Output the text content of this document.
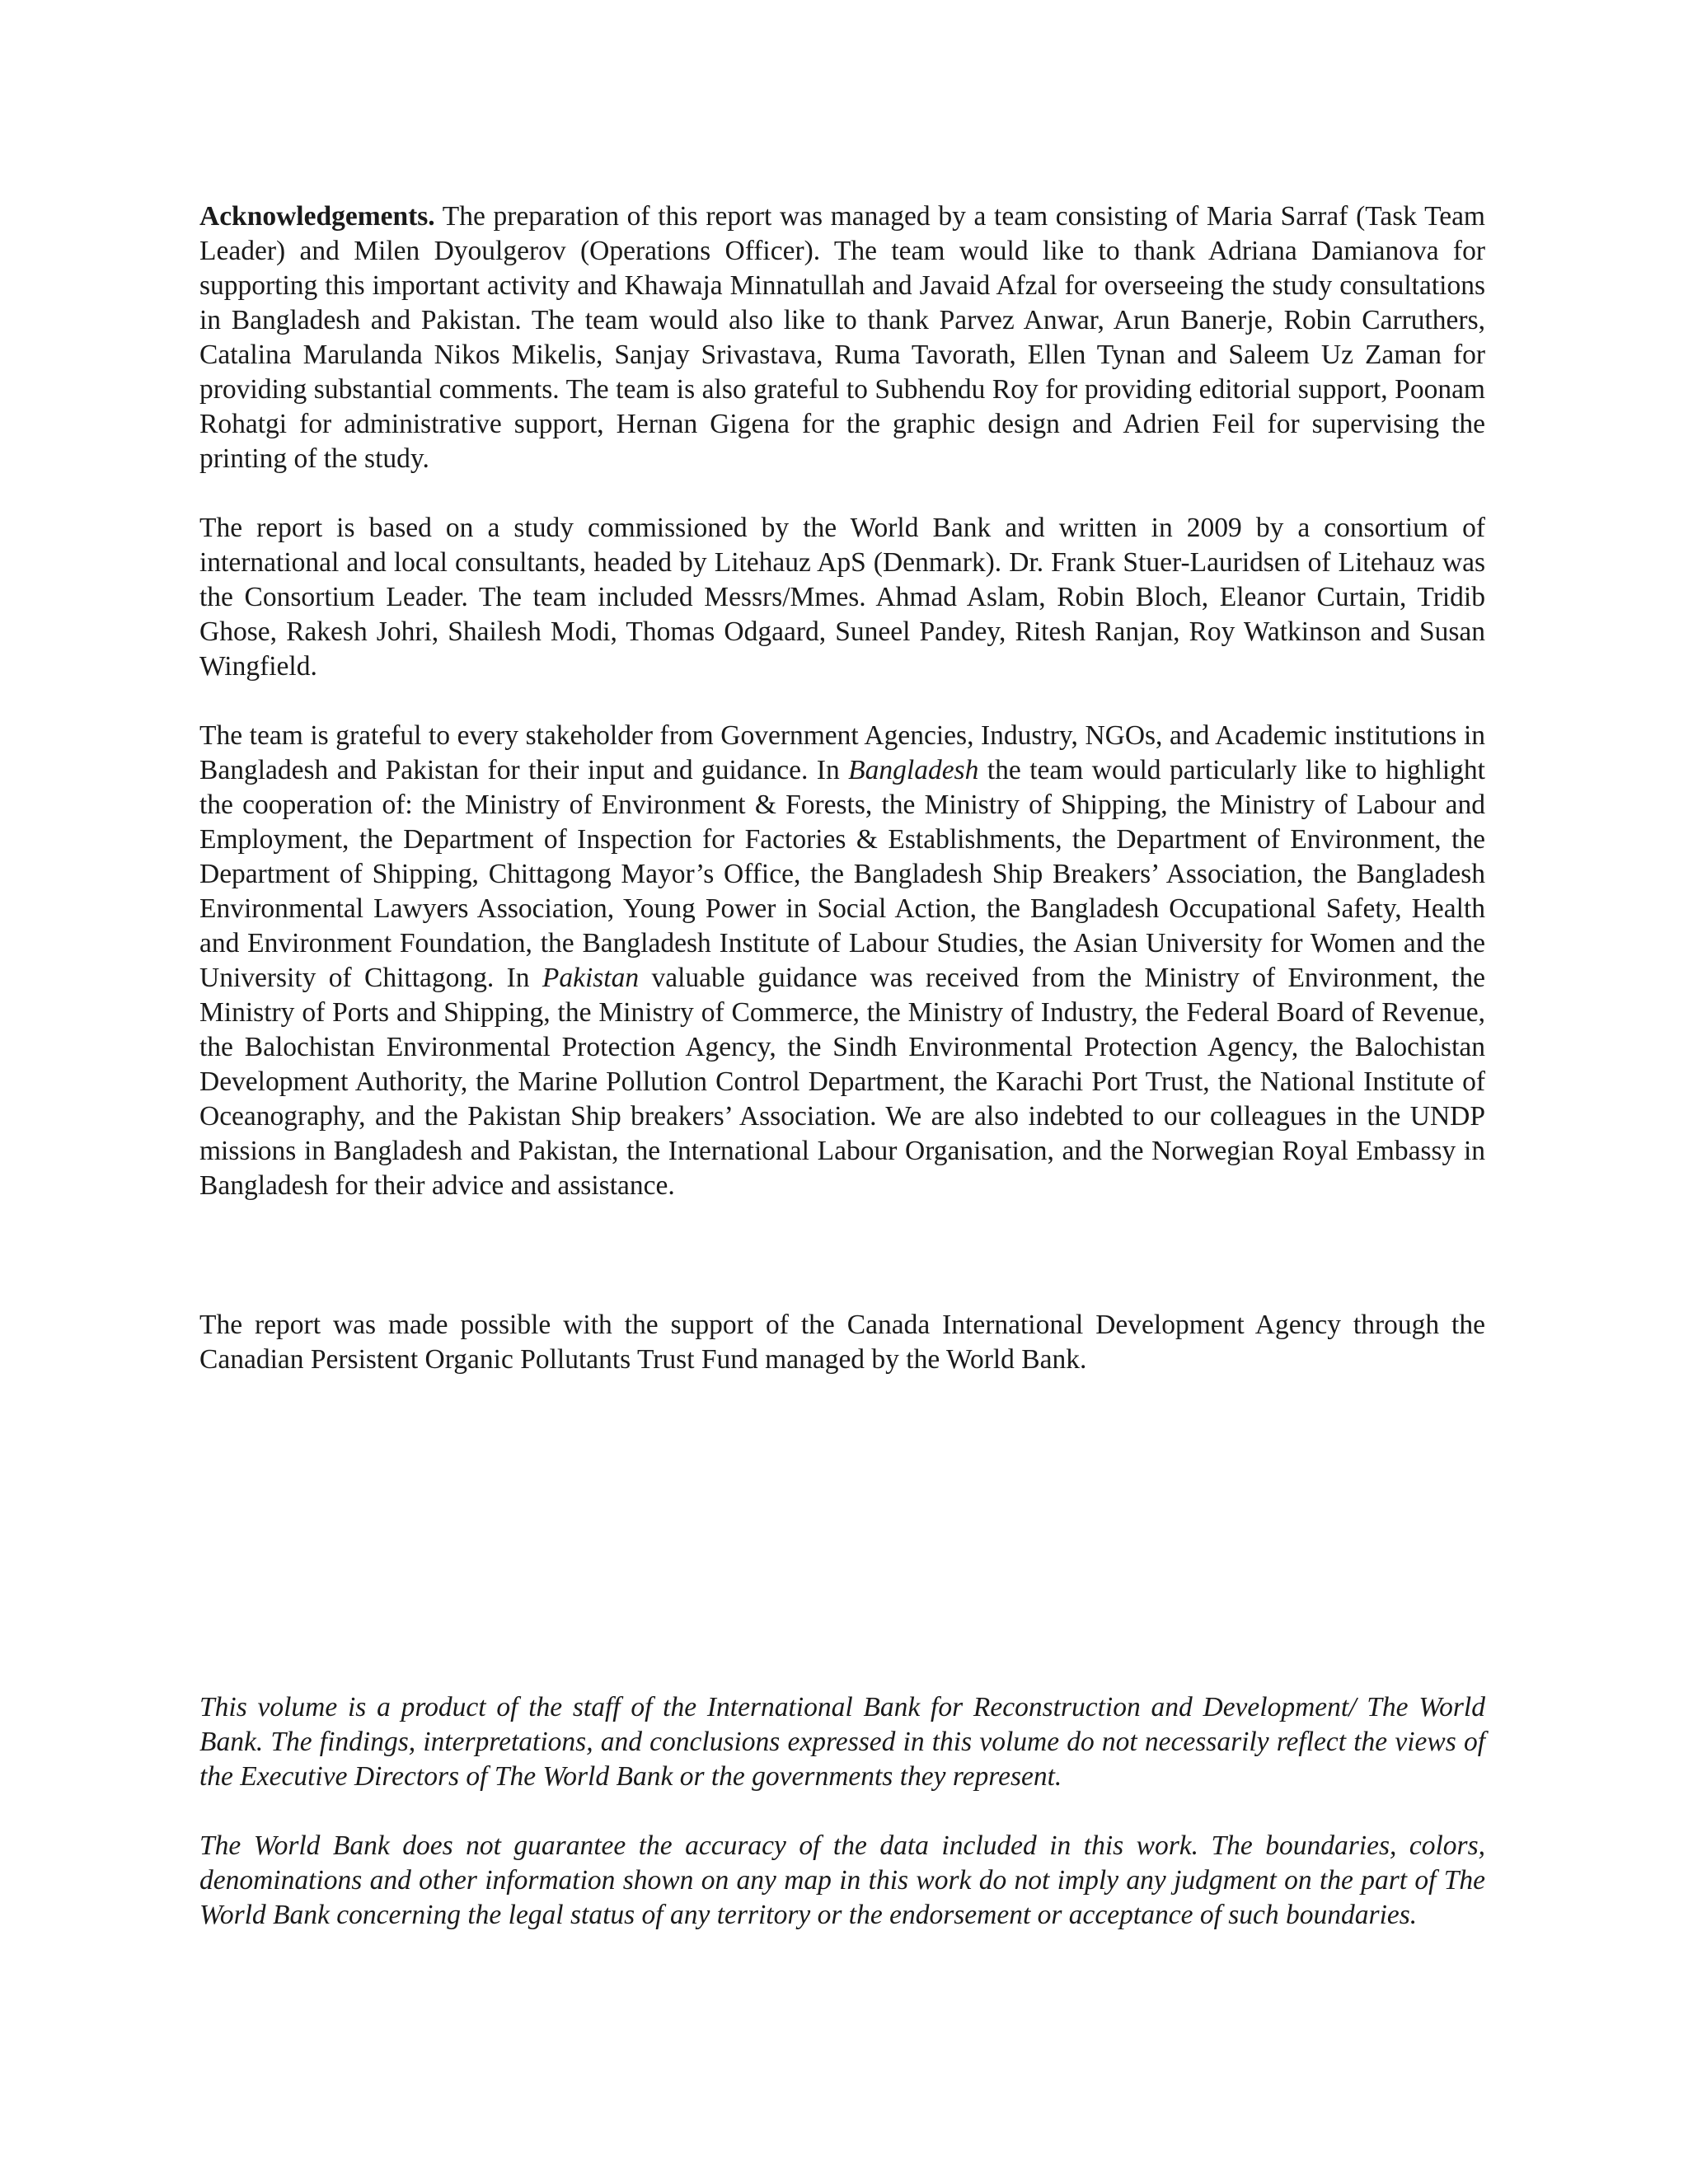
Acknowledgements. The preparation of this report was managed by a team consisting of Maria Sarraf (Task Team Leader) and Milen Dyoulgerov (Operations Officer). The team would like to thank Adriana Damianova for supporting this important activity and Khawaja Minnatullah and Javaid Afzal for overseeing the study consultations in Bangladesh and Pakistan. The team would also like to thank Parvez Anwar, Arun Banerje, Robin Carruthers, Catalina Marulanda Nikos Mikelis, Sanjay Srivastava, Ruma Tavorath, Ellen Tynan and Saleem Uz Zaman for providing substantial comments. The team is also grateful to Subhendu Roy for providing editorial support, Poonam Rohatgi for administrative support, Hernan Gigena for the graphic design and Adrien Feil for supervising the printing of the study.

The report is based on a study commissioned by the World Bank and written in 2009 by a consortium of international and local consultants, headed by Litehauz ApS (Denmark). Dr. Frank Stuer-Lauridsen of Litehauz was the Consortium Leader. The team included Messrs/Mmes. Ahmad Aslam, Robin Bloch, Eleanor Curtain, Tridib Ghose, Rakesh Johri, Shailesh Modi, Thomas Odgaard, Suneel Pandey, Ritesh Ranjan, Roy Watkinson and Susan Wingfield.

The team is grateful to every stakeholder from Government Agencies, Industry, NGOs, and Academic institutions in Bangladesh and Pakistan for their input and guidance. In Bangladesh the team would particularly like to highlight the cooperation of: the Ministry of Environment & Forests, the Ministry of Shipping, the Ministry of Labour and Employment, the Department of Inspection for Factories & Establishments, the Department of Environment, the Department of Shipping, Chittagong Mayor’s Office, the Bangladesh Ship Breakers’ Association, the Bangladesh Environmental Lawyers Association, Young Power in Social Action, the Bangladesh Occupational Safety, Health and Environment Foundation, the Bangladesh Institute of Labour Studies, the Asian University for Women and the University of Chittagong. In Pakistan valuable guidance was received from the Ministry of Environment, the Ministry of Ports and Shipping, the Ministry of Commerce, the Ministry of Industry, the Federal Board of Revenue, the Balochistan Environmental Protection Agency, the Sindh Environmental Protection Agency, the Balochistan Development Authority, the Marine Pollution Control Department, the Karachi Port Trust, the National Institute of Oceanography, and the Pakistan Ship breakers’ Association. We are also indebted to our colleagues in the UNDP missions in Bangladesh and Pakistan, the International Labour Organisation, and the Norwegian Royal Embassy in Bangladesh for their advice and assistance.

The report was made possible with the support of the Canada International Development Agency through the Canadian Persistent Organic Pollutants Trust Fund managed by the World Bank.

This volume is a product of the staff of the International Bank for Reconstruction and Development/ The World Bank. The findings, interpretations, and conclusions expressed in this volume do not necessarily reflect the views of the Executive Directors of The World Bank or the governments they represent.

The World Bank does not guarantee the accuracy of the data included in this work. The boundaries, colors, denominations and other information shown on any map in this work do not imply any judgment on the part of The World Bank concerning the legal status of any territory or the endorsement or acceptance of such boundaries.
